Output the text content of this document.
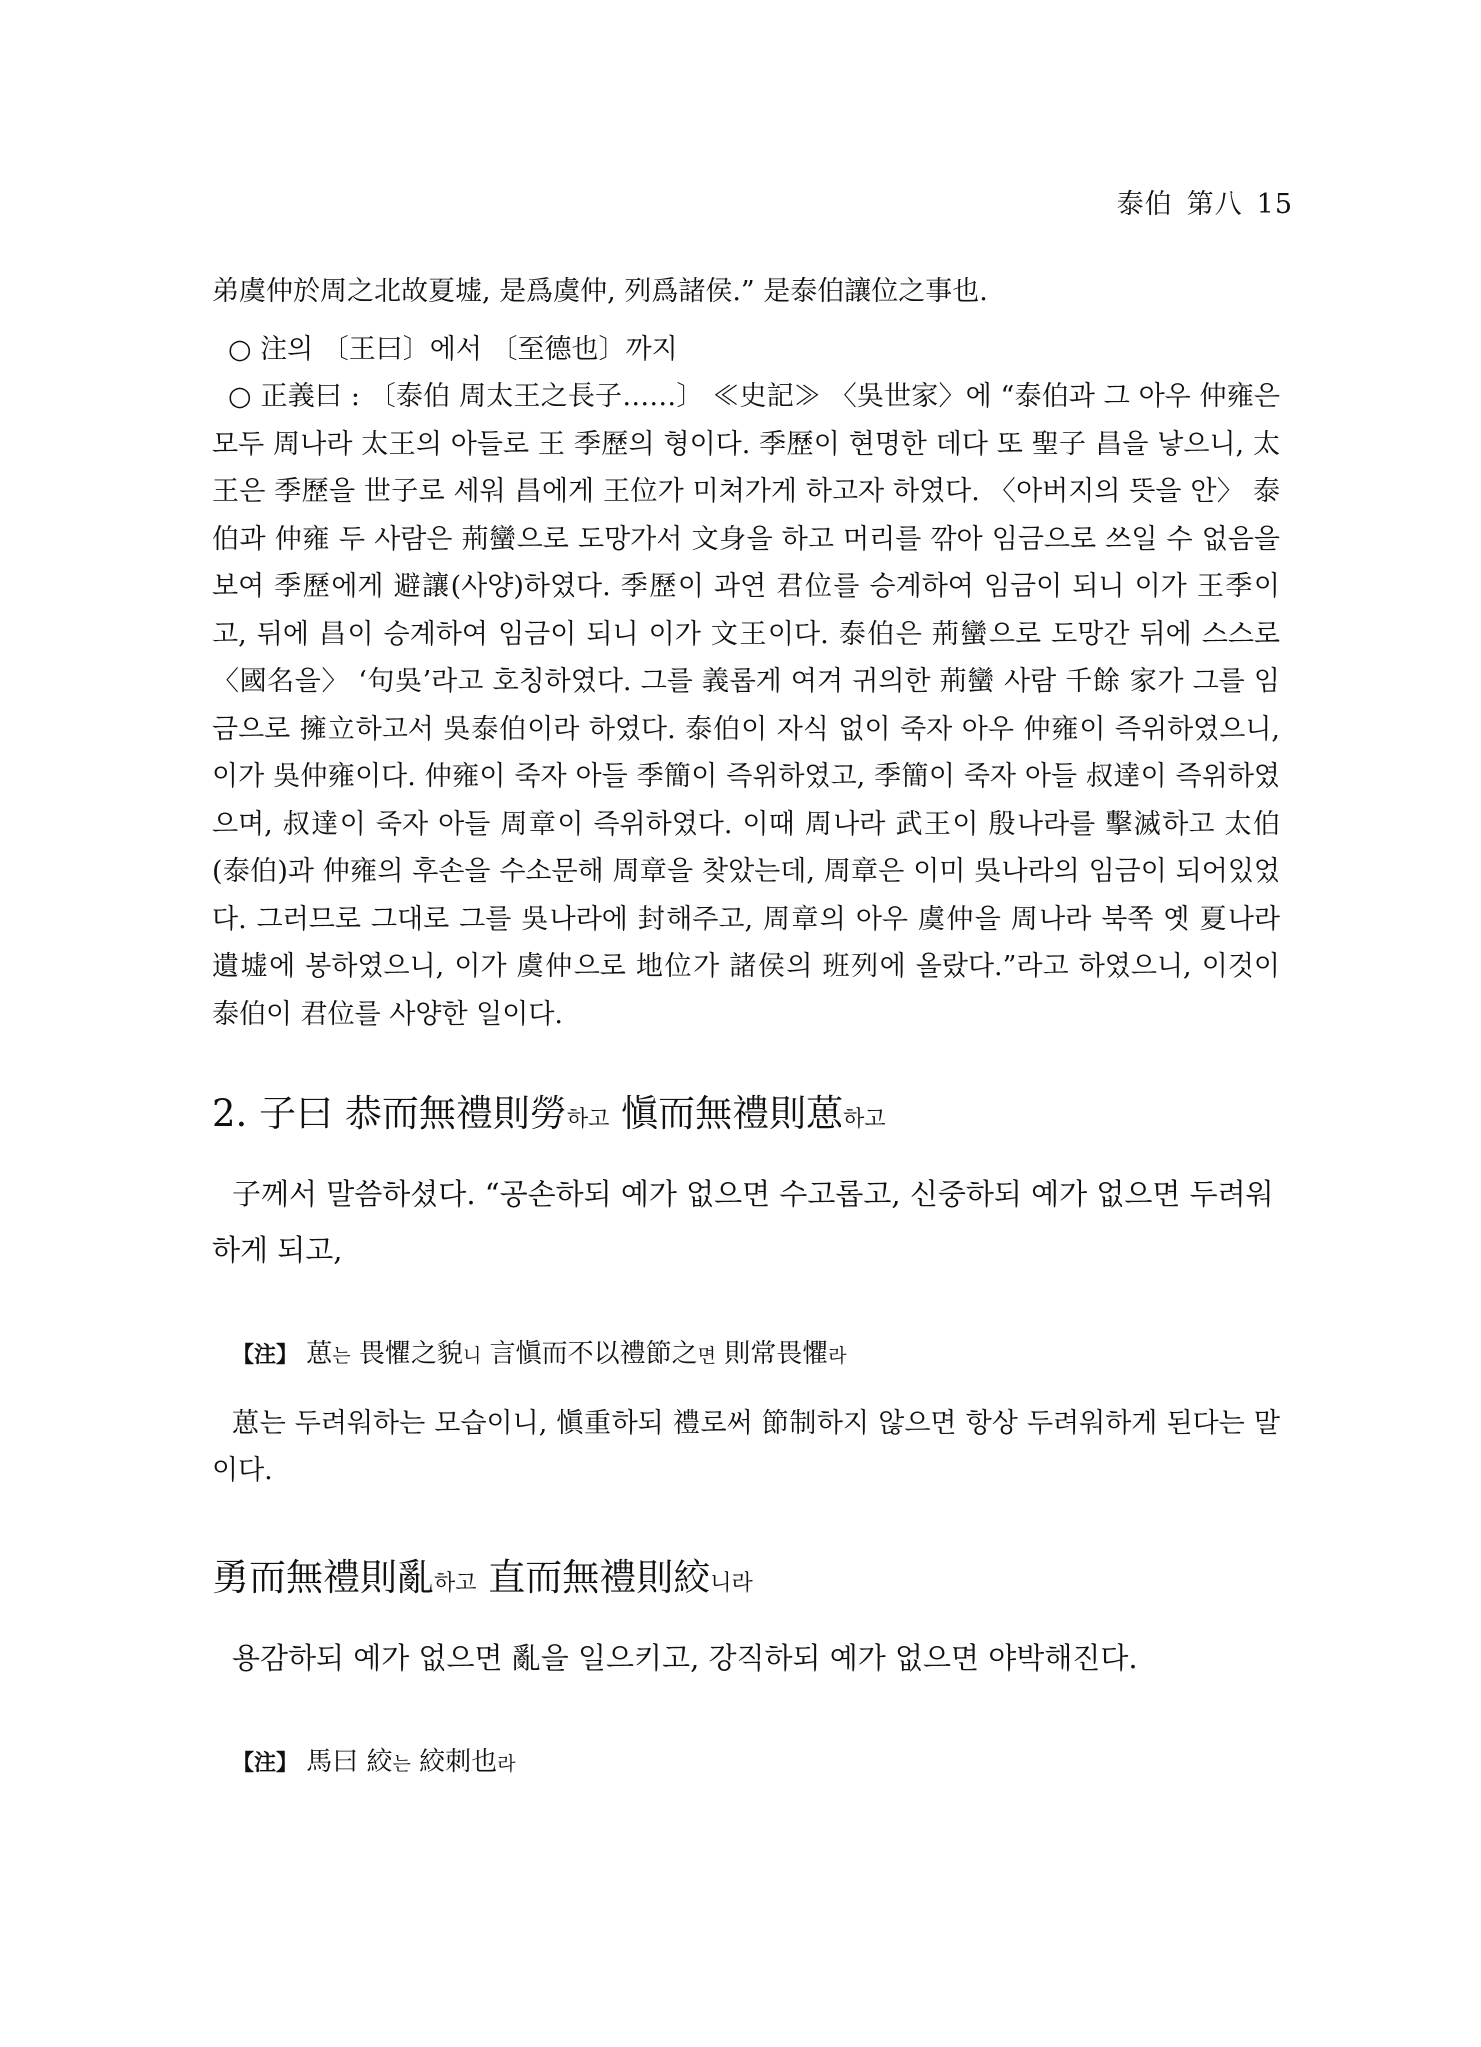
泰伯 第八 15

弟虞仲於周之北故夏墟, 是爲虞仲, 列爲諸侯.” 是泰伯讓位之事也.

○ 注의 〔王曰〕에서 〔至德也〕까지

○ 正義曰 : 〔泰伯 周太王之長子……〕 ≪史記≫ 〈吳世家〉에 “泰伯과 그 아우 仲雍은 모두 周나라 太王의 아들로 王 季歷의 형이다. 季歷이 현명한 데다 또 聖子 昌을 낳으니, 太王은 季歷을 世子로 세워 昌에게 王位가 미쳐가게 하고자 하였다. 〈아버지의 뜻을 안〉 泰伯과 仲雍 두 사람은 荊蠻으로 도망가서 文身을 하고 머리를 깎아 임금으로 쓰일 수 없음을 보여 季歷에게 避讓(사양)하였다. 季歷이 과연 君位를 승계하여 임금이 되니 이가 王季이고, 뒤에 昌이 승계하여 임금이 되니 이가 文王이다. 泰伯은 荊蠻으로 도망간 뒤에 스스로 〈國名을〉 ‘句吳’라고 호칭하였다. 그를 義롭게 여겨 귀의한 荊蠻 사람 千餘 家가 그를 임금으로 擁立하고서 吳泰伯이라 하였다. 泰伯이 자식 없이 죽자 아우 仲雍이 즉위하였으니, 이가 吳仲雍이다. 仲雍이 죽자 아들 季簡이 즉위하였고, 季簡이 죽자 아들 叔達이 즉위하였으며, 叔達이 죽자 아들 周章이 즉위하였다. 이때 周나라 武王이 殷나라를 擊滅하고 太伯(泰伯)과 仲雍의 후손을 수소문해 周章을 찾았는데, 周章은 이미 吳나라의 임금이 되어있었다. 그러므로 그대로 그를 吳나라에 封해주고, 周章의 아우 虞仲을 周나라 북쪽 옛 夏나라 遺墟에 봉하였으니, 이가 虞仲으로 地位가 諸侯의 班列에 올랐다.”라고 하였으니, 이것이 泰伯이 君位를 사양한 일이다.

2. 子曰 恭而無禮則勞하고 愼而無禮則葸하고

子께서 말씀하셨다. “공손하되 예가 없으면 수고롭고, 신중하되 예가 없으면 두려워하게 되고,

【注】 葸는 畏懼之貌니 言愼而不以禮節之면 則常畏懼라

葸는 두려워하는 모습이니, 愼重하되 禮로써 節制하지 않으면 항상 두려워하게 된다는 말이다.

勇而無禮則亂하고 直而無禮則絞니라

용감하되 예가 없으면 亂을 일으키고, 강직하되 예가 없으면 야박해진다.

【注】 馬曰 絞는 絞刺也라
